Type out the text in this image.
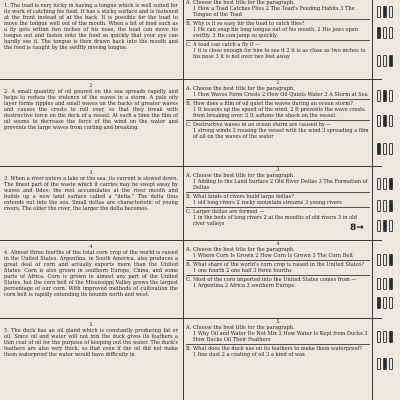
1. The toad is very lucky in having a tongue which is well suited for its work of catching his food. It has a sticky surface and is fastened at the front instead of at the back. It is possible for the toad to move the tongue well out of the mouth. When a bit of food such as a fly gets within two inches of his nose, the toad can move its tongue out and fasten onto the food so quickly that your eye can hardly see it. The tongue is then drawn back into the mouth and the food is caught by the swiftly moving tongue.
2
2. A small quantity of oil poured on the sea spreads rapidly and helps to reduce the violence of the waves in a storm. A pale oily layer forms ripples and small waves on the backs of greater waves and causes the crests to roll over, so that they break with destructive force on the deck of a vessel. At such a time the film of oil seems to decrease the force of the wind on the water and prevents the large waves from curling and breaking.
3
3. When a river enters a lake or the sea, its current is slowed down. The finest part of the waste which it carries may be swept away by waves and tides; the rest accumulates at the river mouth and builds up a new land surface called a "delta." The delta thus extends out into the sea. Small deltas are characteristic of young rivers. The older the river, the larger the delta becomes.
4
4. Almost three fourths of the total corn crop of the world is raised in the United States. Argentina, in South America, also produces a great deal of corn and actually exports more than the United States. Corn is also grown in southern Europe, China, and some parts of Africa. Corn is grown in almost any part of the United States, but the corn belt of the Mississippi Valley grows the largest percentage of our corn. With improved methods of cultivation the corn belt is rapidly extending its bounds north and west.
5
5. The duck has an oil gland which is constantly producing fat or oil. Since oil and water will not mix the duck gives its feathers a thin coat of oil for the purpose of keeping out the water. The duck's feathers are also very thick, so that even if the oil did not make them waterproof the water would have difficulty in
A. Choose the best title for the paragraph.
1 How a Toad Catches Flies 2 The Toad's Feeding Habits 3 The Tongue of the Toad
B. Why is it so easy for the toad to catch flies?
1 He can snap his long tongue out of his mouth. 2 His jaws open swiftly. 3 He can jump so quickly.
C. A toad can catch a fly if —
1 it is close enough for him to see it 2 it is as close as two inches to his nose 3 it is not over two feet away
2
A. Choose the best title for the paragraph.
1 How Waves Form Crests 2 How Oil Quiets Water 3 A Storm at Sea
B. How does a film of oil quiet the waves during an ocean storm?
1 It lessens up the speed of the wind. 2 It prevents the wave crests from breaking over. 3 It softens the shock on the vessel.
C. Destructive waves in an ocean storm are caused by —
1 strong winds 2 rousing the vessel with the wind 3 spreading a film of oil on the waves of the water
3
A. Choose the best title for the paragraph.
1 Adding to the Land Surface 2 Old River Deltas 3 The Formation of Deltas
B. What kinds of rivers build large deltas?
1 old long rivers 2 rocky mountain streams 3 young rivers
C. Larger deltas are formed —
1 in the beds of long rivers 2 at the mouths of old rivers 3 in old river valleys
4
A. Choose the best title for the paragraph.
1 Where Corn Is Grown 2 How Corn Is Grown 3 The Corn Belt
B. What share of the world's corn crop is raised in the United States?
1 one fourth 2 one half 3 three fourths
C. Most of the corn imported into the United States comes from —
1 Argentina 2 Africa 3 southern Europe.
5
A. Choose the best title for the paragraph.
1 Why Oil and Water Do Not Mix 2 How Water Is Kept from Ducks 3 How Ducks Oil Their Feathers
B. What does the duck use on its feathers to make them waterproof?
1 fine dust 2 a coating of oil 3 a kind of wax
8→
